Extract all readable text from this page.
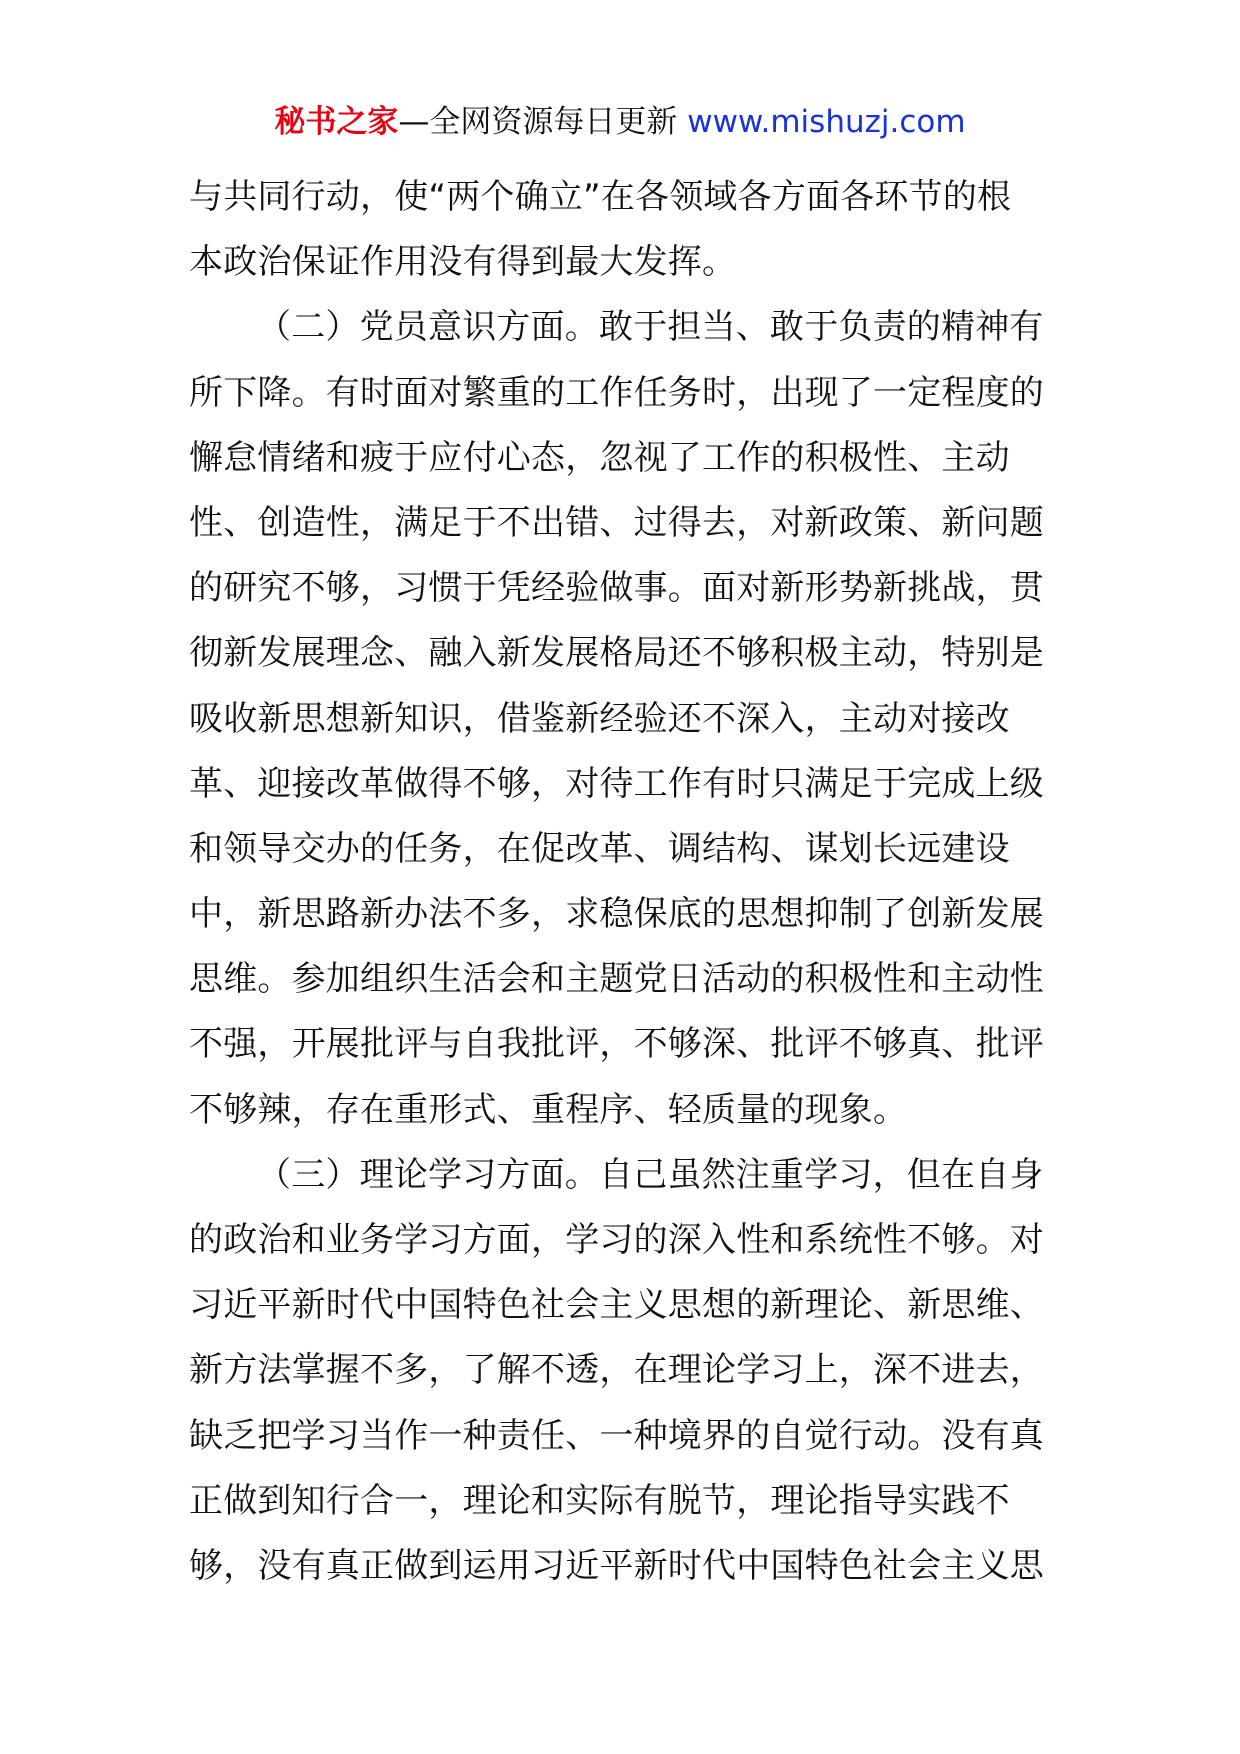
秘书之家—全网资源每日更新 www.mishuzj.com
与共同行动，使“两个确立”在各领域各方面各环节的根
本政治保证作用没有得到最大发挥。
（二）党员意识方面。敢于担当、敢于负责的精神有
所下降。有时面对繁重的工作任务时，出现了一定程度的
懈怠情绪和疲于应付心态，忽视了工作的积极性、主动
性、创造性，满足于不出错、过得去，对新政策、新问题
的研究不够，习惯于凭经验做事。面对新形势新挑战，贯
彻新发展理念、融入新发展格局还不够积极主动，特别是
吸收新思想新知识，借鉴新经验还不深入，主动对接改
革、迎接改革做得不够，对待工作有时只满足于完成上级
和领导交办的任务，在促改革、调结构、谋划长远建设
中，新思路新办法不多，求稳保底的思想抑制了创新发展
思维。参加组织生活会和主题党日活动的积极性和主动性
不强，开展批评与自我批评，不够深、批评不够真、批评
不够辣，存在重形式、重程序、轻质量的现象。
（三）理论学习方面。自己虽然注重学习，但在自身
的政治和业务学习方面，学习的深入性和系统性不够。对
习近平新时代中国特色社会主义思想的新理论、新思维、
新方法掌握不多，了解不透，在理论学习上，深不进去，
缺乏把学习当作一种责任、一种境界的自觉行动。没有真
正做到知行合一，理论和实际有脱节，理论指导实践不
够，没有真正做到运用习近平新时代中国特色社会主义思
